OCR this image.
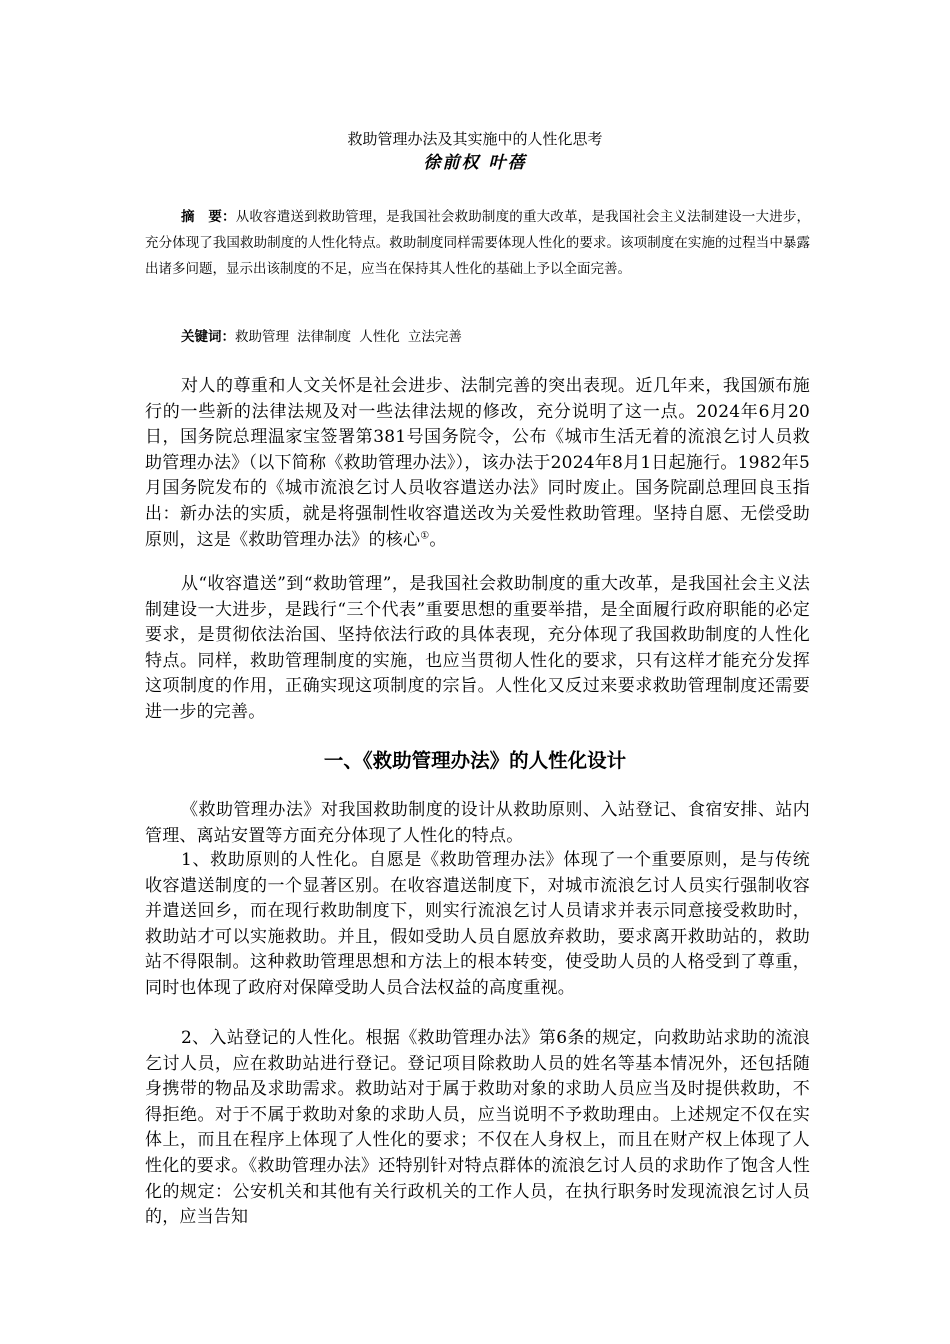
救助管理办法及其实施中的人性化思考
徐前权 叶蓓
摘　要：从收容遣送到救助管理，是我国社会救助制度的重大改革，是我国社会主义法制建设一大进步，充分体现了我国救助制度的人性化特点。救助制度同样需要体现人性化的要求。该项制度在实施的过程当中暴露出诸多问题，显示出该制度的不足，应当在保持其人性化的基础上予以全面完善。
关键词：救助管理 法律制度 人性化 立法完善
对人的尊重和人文关怀是社会进步、法制完善的突出表现。近几年来，我国颁布施行的一些新的法律法规及对一些法律法规的修改，充分说明了这一点。2024年6月20日，国务院总理温家宝签署第381号国务院令，公布《城市生活无着的流浪乞讨人员救助管理办法》（以下简称《救助管理办法》），该办法于2024年8月1日起施行。1982年5月国务院发布的《城市流浪乞讨人员收容遣送办法》同时废止。国务院副总理回良玉指出：新办法的实质，就是将强制性收容遣送改为关爱性救助管理。坚持自愿、无偿受助原则，这是《救助管理办法》的核心①。
从“收容遣送”到“救助管理”，是我国社会救助制度的重大改革，是我国社会主义法制建设一大进步，是践行“三个代表”重要思想的重要举措，是全面履行政府职能的必定要求，是贯彻依法治国、坚持依法行政的具体表现，充分体现了我国救助制度的人性化特点。同样，救助管理制度的实施，也应当贯彻人性化的要求，只有这样才能充分发挥这项制度的作用，正确实现这项制度的宗旨。人性化又反过来要求救助管理制度还需要进一步的完善。
一、《救助管理办法》的人性化设计
《救助管理办法》对我国救助制度的设计从救助原则、入站登记、食宿安排、站内管理、离站安置等方面充分体现了人性化的特点。
1、救助原则的人性化。自愿是《救助管理办法》体现了一个重要原则，是与传统收容遣送制度的一个显著区别。在收容遣送制度下，对城市流浪乞讨人员实行强制收容并遣送回乡，而在现行救助制度下，则实行流浪乞讨人员请求并表示同意接受救助时，救助站才可以实施救助。并且，假如受助人员自愿放弃救助，要求离开救助站的，救助站不得限制。这种救助管理思想和方法上的根本转变，使受助人员的人格受到了尊重，同时也体现了政府对保障受助人员合法权益的高度重视。
2、入站登记的人性化。根据《救助管理办法》第6条的规定，向救助站求助的流浪乞讨人员，应在救助站进行登记。登记项目除救助人员的姓名等基本情况外，还包括随身携带的物品及求助需求。救助站对于属于救助对象的求助人员应当及时提供救助，不得拒绝。对于不属于救助对象的求助人员，应当说明不予救助理由。上述规定不仅在实体上，而且在程序上体现了人性化的要求；不仅在人身权上，而且在财产权上体现了人性化的要求。《救助管理办法》还特别针对特点群体的流浪乞讨人员的求助作了饱含人性化的规定：公安机关和其他有关行政机关的工作人员，在执行职务时发现流浪乞讨人员的，应当告知
